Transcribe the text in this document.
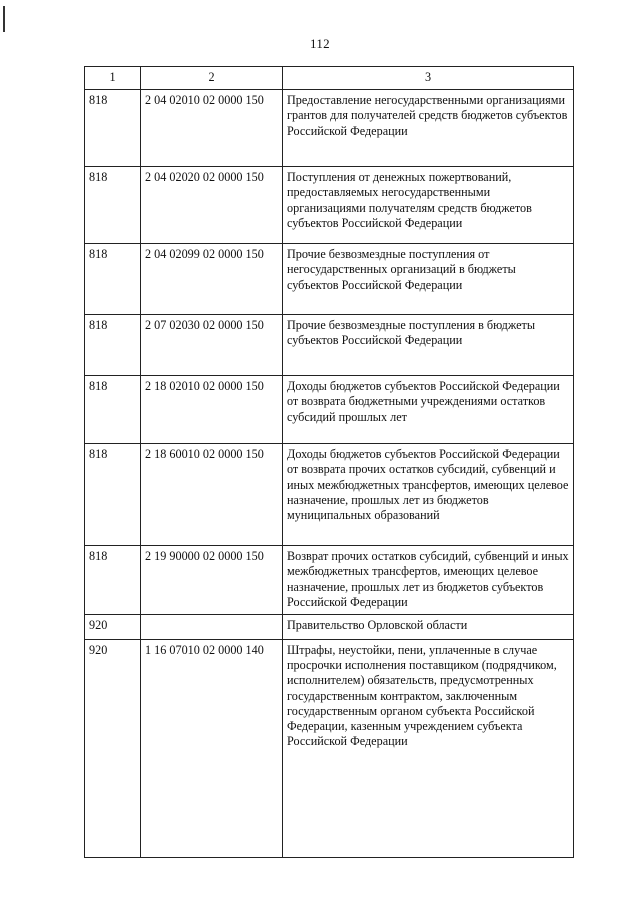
112
1	2	3
818	2 04 02010 02 0000 150	Предоставление негосударственными организациями грантов для получателей средств бюджетов субъектов Российской Федерации
818	2 04 02020 02 0000 150	Поступления от денежных пожертвований, предоставляемых негосударственными организациями получателям средств бюджетов субъектов Российской Федерации
818	2 04 02099 02 0000 150	Прочие безвозмездные поступления от негосударственных организаций в бюджеты субъектов Российской Федерации
818	2 07 02030 02 0000 150	Прочие безвозмездные поступления в бюджеты субъектов Российской Федерации
818	2 18 02010 02 0000 150	Доходы бюджетов субъектов Российской Федерации от возврата бюджетными учреждениями остатков субсидий прошлых лет
818	2 18 60010 02 0000 150	Доходы бюджетов субъектов Российской Федерации от возврата прочих остатков субсидий, субвенций и иных межбюджетных трансфертов, имеющих целевое назначение, прошлых лет из бюджетов муниципальных образований
818	2 19 90000 02 0000 150	Возврат прочих остатков субсидий, субвенций и иных межбюджетных трансфертов, имеющих целевое назначение, прошлых лет из бюджетов субъектов Российской Федерации
920		Правительство Орловской области
920	1 16 07010 02 0000 140	Штрафы, неустойки, пени, уплаченные в случае просрочки исполнения поставщиком (подрядчиком, исполнителем) обязательств, предусмотренных государственным контрактом, заключенным государственным органом субъекта Российской Федерации, казенным учреждением субъекта Российской Федерации
